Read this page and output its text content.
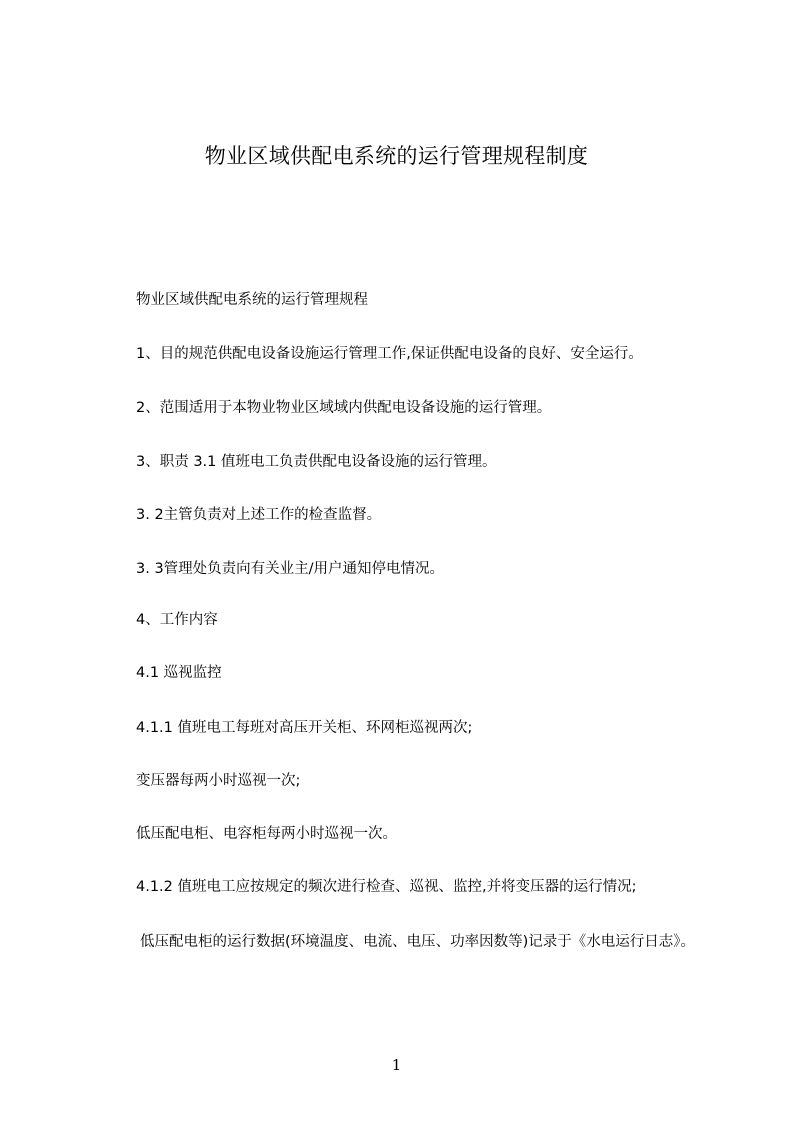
物业区域供配电系统的运行管理规程制度

物业区域供配电系统的运行管理规程

1、目的规范供配电设备设施运行管理工作,保证供配电设备的良好、安全运行。

2、范围适用于本物业物业区域域内供配电设备设施的运行管理。

3、职责 3.1 值班电工负责供配电设备设施的运行管理。

3. 2主管负责对上述工作的检查监督。

3. 3管理处负责向有关业主/用户通知停电情况。

4、工作内容

4.1 巡视监控

4.1.1 值班电工每班对高压开关柜、环网柜巡视两次;

变压器每两小时巡视一次;

低压配电柜、电容柜每两小时巡视一次。

4.1.2 值班电工应按规定的频次进行检查、巡视、监控,并将变压器的运行情况;

低压配电柜的运行数据(环境温度、电流、电压、功率因数等)记录于《水电运行日志》。

1
